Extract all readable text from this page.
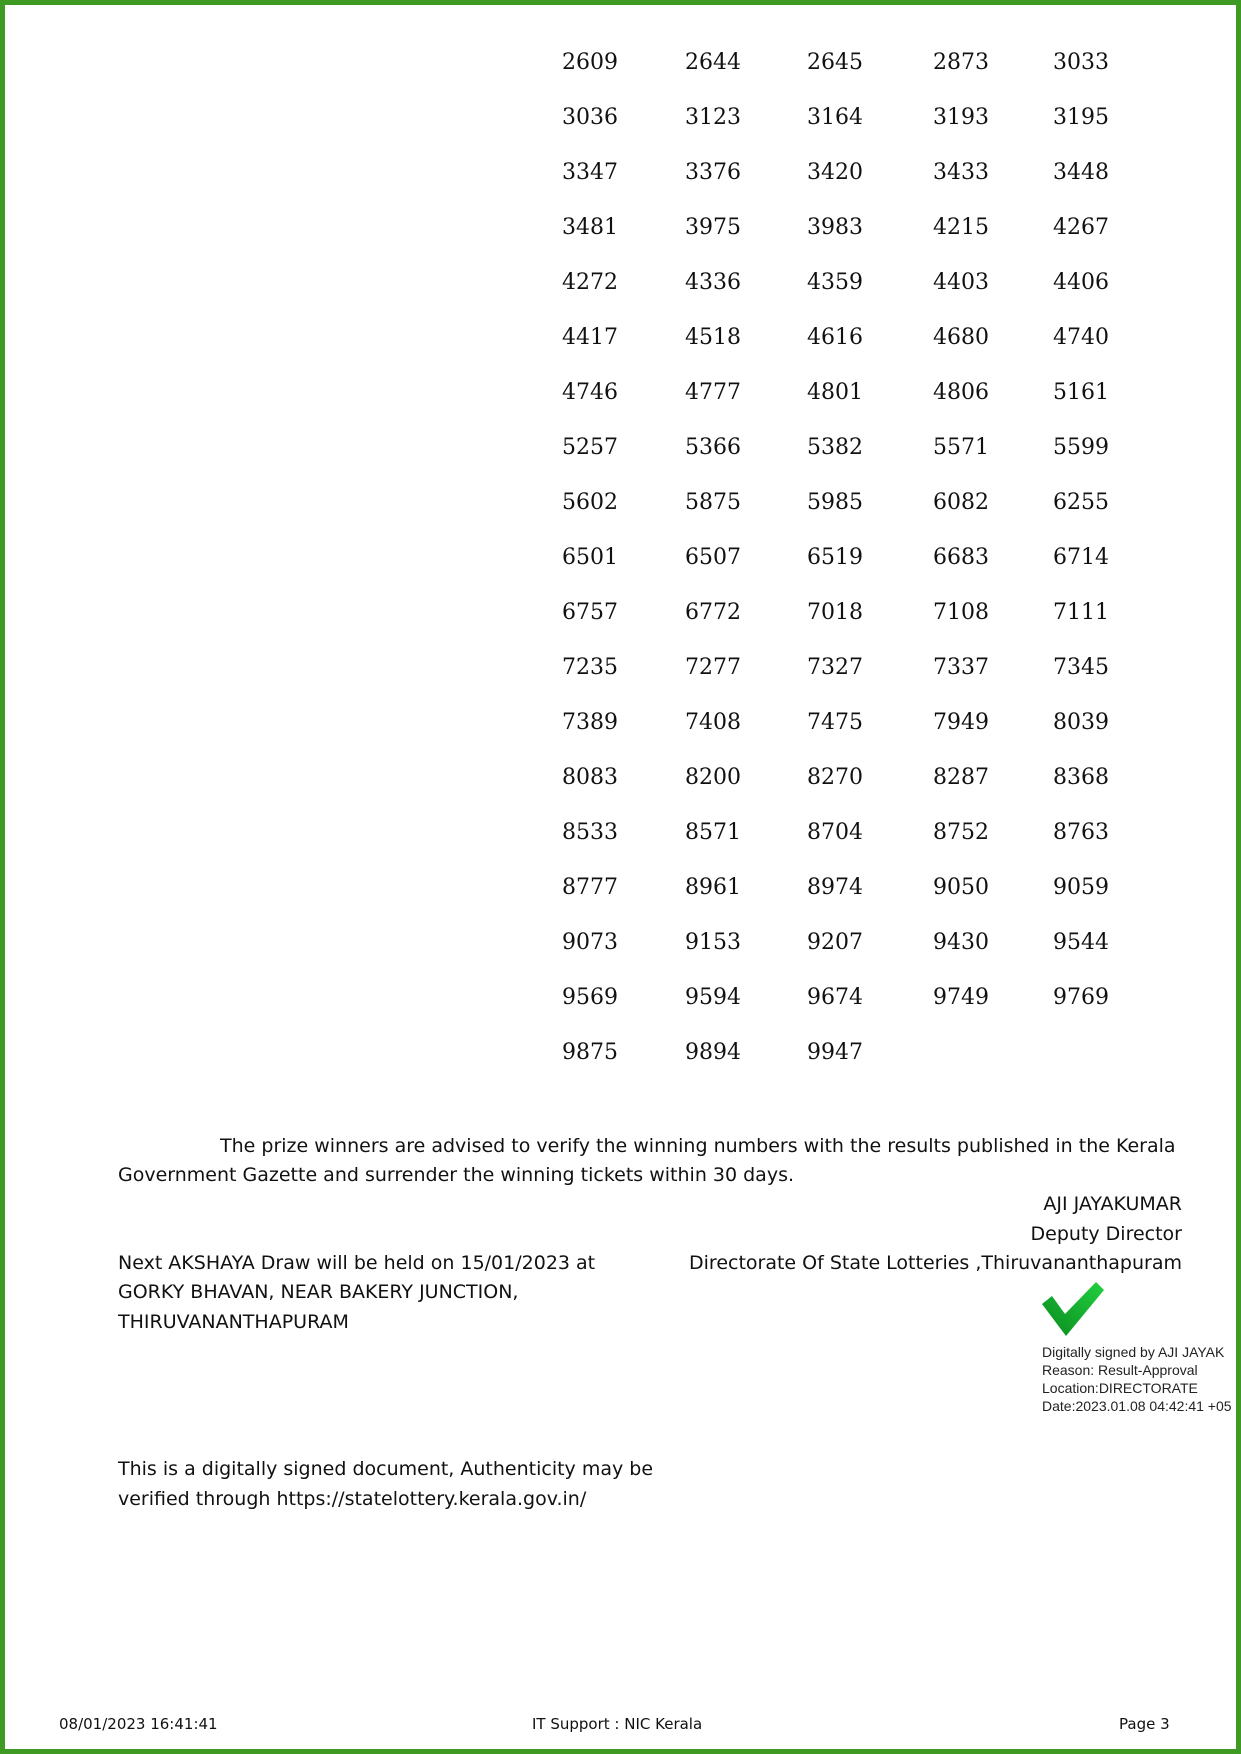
2609	2644	2645	2873	3033
3036	3123	3164	3193	3195
3347	3376	3420	3433	3448
3481	3975	3983	4215	4267
4272	4336	4359	4403	4406
4417	4518	4616	4680	4740
4746	4777	4801	4806	5161
5257	5366	5382	5571	5599
5602	5875	5985	6082	6255
6501	6507	6519	6683	6714
6757	6772	7018	7108	7111
7235	7277	7327	7337	7345
7389	7408	7475	7949	8039
8083	8200	8270	8287	8368
8533	8571	8704	8752	8763
8777	8961	8974	9050	9059
9073	9153	9207	9430	9544
9569	9594	9674	9749	9769
9875	9894	9947
The prize winners are advised to verify the winning numbers with the results published in the Kerala
Government Gazette and surrender the winning tickets within 30 days.
AJI JAYAKUMAR
Deputy Director
Directorate Of State Lotteries ,Thiruvananthapuram
Next AKSHAYA Draw will be held on 15/01/2023 at
GORKY BHAVAN, NEAR BAKERY JUNCTION,
THIRUVANANTHAPURAM
Digitally signed by AJI JAYAK
Reason: Result-Approval
Location:DIRECTORATE
Date:2023.01.08 04:42:41 +05
This is a digitally signed document, Authenticity may be
verified through https://statelottery.kerala.gov.in/
08/01/2023 16:41:41	IT Support : NIC Kerala	Page 3
